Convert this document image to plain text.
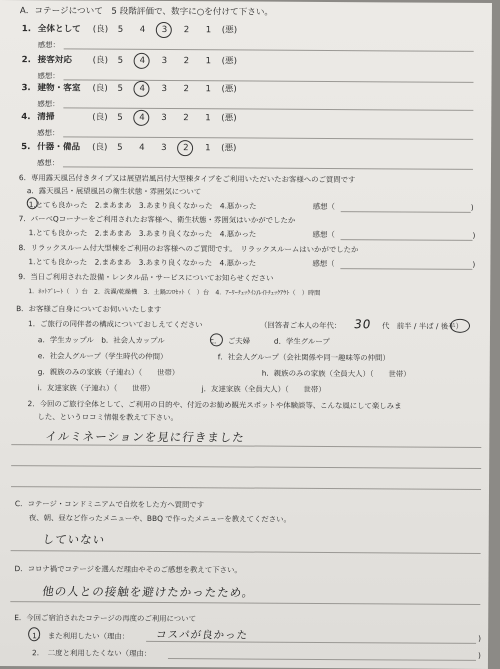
A．コテージについて　5 段階評価で、数字に○を付けて下さい。
1. 全体として (良) 5 4 3 2 1 (悪)
感想：
2. 接客対応 (良) 5 4 3 2 1 (悪)
感想：
3. 建物・客室 (良) 5 4 3 2 1 (悪)
感想：
4. 清掃	(良) 5 4 3 2 1 (悪)
感想：
5. 什器・備品 (良) 5 4 3 2 1 (悪)
感想：
6．専用露天風呂付きタイプ又は展望岩風呂付大型棟タイプをご利用いただいたお客様へのご質問です
a．露天風呂・展望風呂の衛生状態・雰囲気について
1.とても良かった　2.まあまあ　3.あまり良くなかった　4.悪かった	感想（	)
7．バーベQコーナーをご利用されたお客様へ、衛生状態・雰囲気はいかがでしたか
1.とても良かった　2.まあまあ　3.あまり良くなかった　4.悪かった	感想（	)
8．リラックスルーム付大型棟をご利用のお客様へのご質問です。　リラックスルームはいかがでしたか
1.とても良かった　2.まあまあ　3.あまり良くなかった　4.悪かった	感想（	)
9．当日ご利用された設備・レンタル品・サービスについてお知らせください
1．ﾎｯﾄﾌﾟﾚｰﾄ（　）台　2．洗濯/乾燥機　3．土鍋ｺﾝﾛｾｯﾄ（　）台　4．ｱｰﾘｰﾁｪｯｸｲﾝ/ﾚｲﾄﾁｪｯｸｱｳﾄ（　）時間
B．お客様ご自身についてお伺いいたします
1．ご旅行の同伴者の構成についておしえてください	（回答者ご本人の年代： 30 代　前半 / 半ば / 後半）
a．学生カップル　b．社会人カップル	c． ご夫婦	d．学生グループ
e．社会人グループ（学生時代の仲間）	f．社会人グループ（会社関係や同一趣味等の仲間）
g．親族のみの家族（子連れ）（　　世帯）	h．親族のみの家族（全員大人）（　　世帯）
i．友達家族（子連れ）（　　世帯）	j．友達家族（全員大人）（　　世帯）
2．今回のご旅行全体として、ご利用の目的や、付近のお勧め観光スポットや体験談等、こんな風にして楽しみま
した、というロコミ情報を教えて下さい。
イルミネーションを見に行きました
C．コテージ・コンドミニアムで自炊をした方へ質問です
夜、朝、昼など作ったメニューや、BBQ で作ったメニューを教えてください。
していない
D．コロナ禍でコテージを選んだ理由やそのご感想を教えて下さい。
他の人との接触を避けたかったため。
E．今回ご宿泊されたコテージの再度のご利用について
1 .　また利用したい（理由： コスパが良かった	)
2．　二度と利用したくない（理由：	)
